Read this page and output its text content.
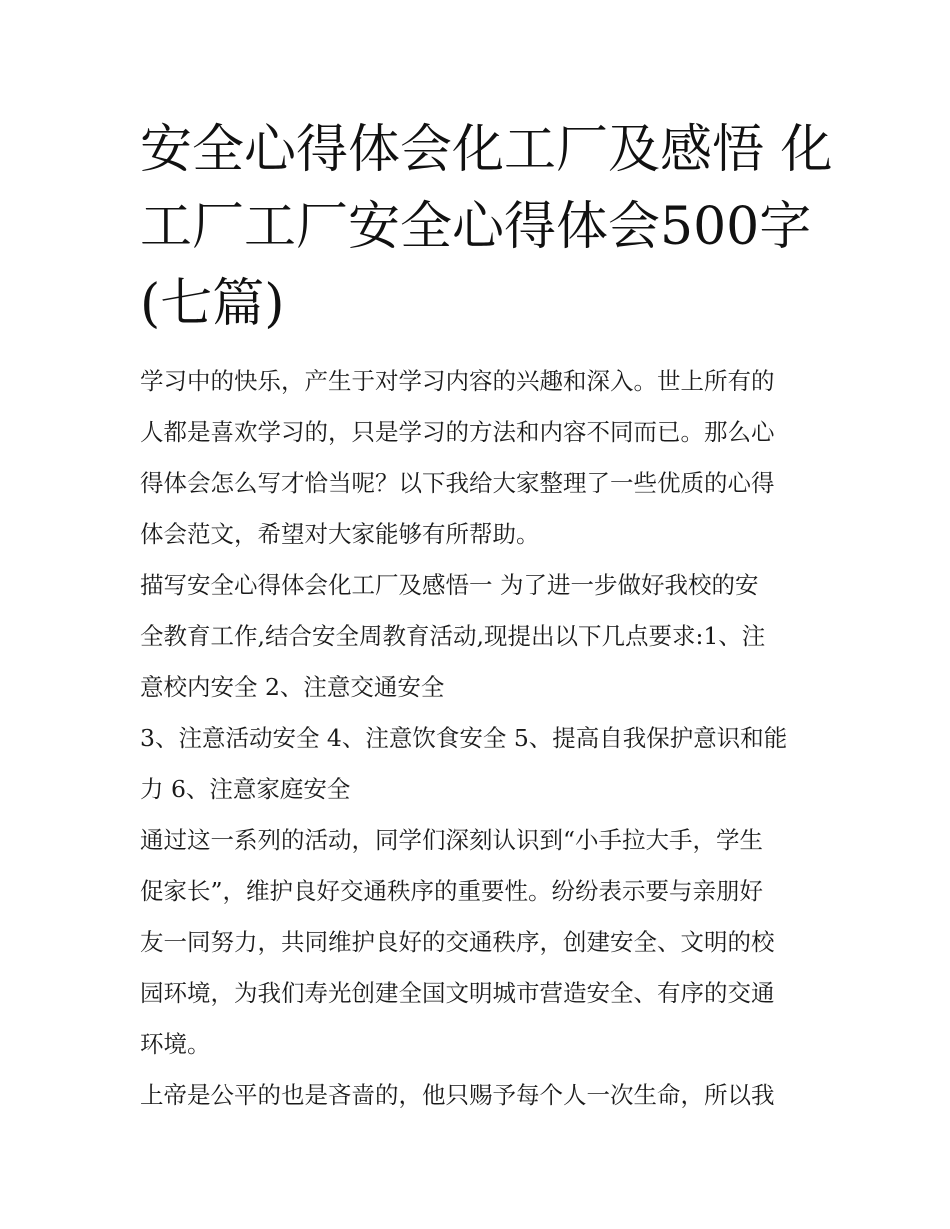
安全心得体会化工厂及感悟 化
工厂工厂安全心得体会500字
(七篇)
学习中的快乐，产生于对学习内容的兴趣和深入。世上所有的
人都是喜欢学习的，只是学习的方法和内容不同而已。那么心
得体会怎么写才恰当呢？以下我给大家整理了一些优质的心得
体会范文，希望对大家能够有所帮助。
描写安全心得体会化工厂及感悟一 为了进一步做好我校的安
全教育工作,结合安全周教育活动,现提出以下几点要求:1、注
意校内安全 2、注意交通安全
3、注意活动安全 4、注意饮食安全 5、提高自我保护意识和能
力 6、注意家庭安全
通过这一系列的活动，同学们深刻认识到“小手拉大手，学生
促家长”，维护良好交通秩序的重要性。纷纷表示要与亲朋好
友一同努力，共同维护良好的交通秩序，创建安全、文明的校
园环境，为我们寿光创建全国文明城市营造安全、有序的交通
环境。
上帝是公平的也是吝啬的，他只赐予每个人一次生命，所以我
